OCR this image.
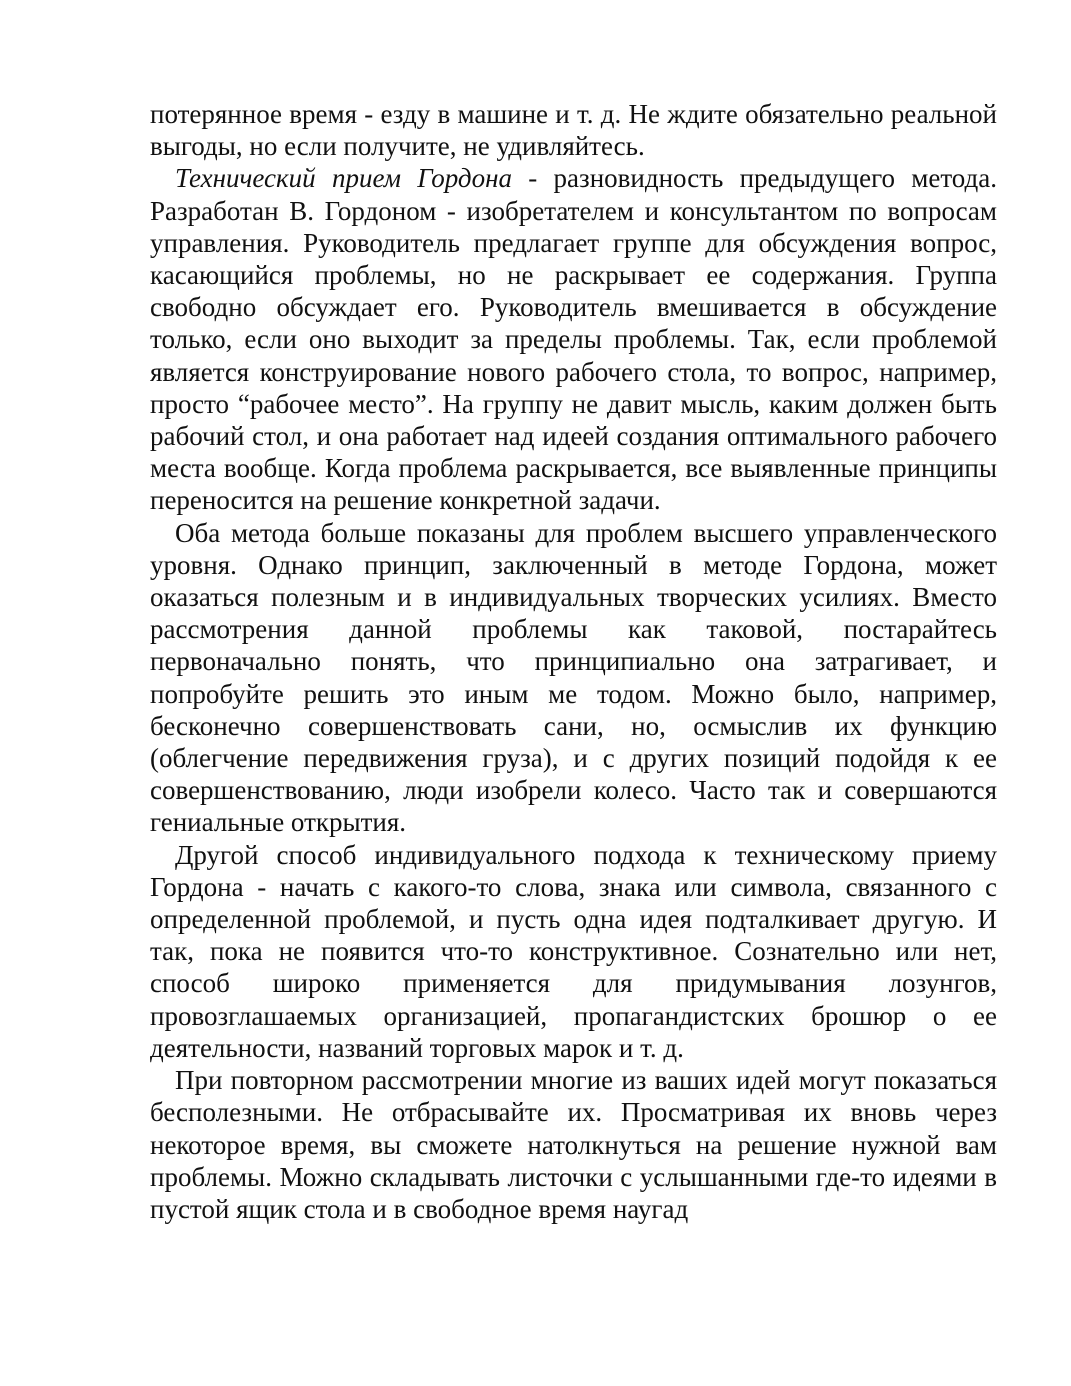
потерянное время - езду в машине и т. д. Не ждите обязательно реальной выгоды, но если получите, не удивляйтесь.

Технический прием Гордона - разновидность предыдущего метода. Разработан В. Гордоном - изобретателем и консультантом по вопросам управления. Руководитель предлагает группе для обсуждения вопрос, касающийся проблемы, но не раскрывает ее содержания. Группа свободно обсуждает его. Руководитель вмешивается в обсуждение только, если оно выходит за пределы проблемы. Так, если проблемой является конструирование нового рабочего стола, то вопрос, например, просто “рабочее место”. На группу не давит мысль, каким должен быть рабочий стол, и она работает над идеей создания оптимального рабочего места вообще. Когда проблема раскрывается, все выявленные принципы переносится на решение конкретной задачи.

Оба метода больше показаны для проблем высшего управленческого уровня. Однако принцип, заключенный в методе Гордона, может оказаться полезным и в индивидуальных творческих усилиях. Вместо рассмотрения данной проблемы как таковой, постарайтесь первоначально понять, что принципиально она затрагивает, и попробуйте решить это иным ме тодом. Можно было, например, бесконечно совершенствовать сани, но, осмыслив их функцию (облегчение передвижения груза), и с других позиций подойдя к ее совершенствованию, люди изобрели колесо. Часто так и совершаются гениальные открытия.

Другой способ индивидуального подхода к техническому приему Гордона - начать с какого-то слова, знака или символа, связанного с определенной проблемой, и пусть одна идея подталкивает другую. И так, пока не появится что-то конструктивное. Сознательно или нет, способ широко применяется для придумывания лозунгов, провозглашаемых организацией, пропагандистских брошюр о ее деятельности, названий торговых марок и т. д.

При повторном рассмотрении многие из ваших идей могут показаться бесполезными. Не отбрасывайте их. Просматривая их вновь через некоторое время, вы сможете натолкнуться на решение нужной вам проблемы. Можно складывать листочки с услышанными где-то идеями в пустой ящик стола и в свободное время наугад
